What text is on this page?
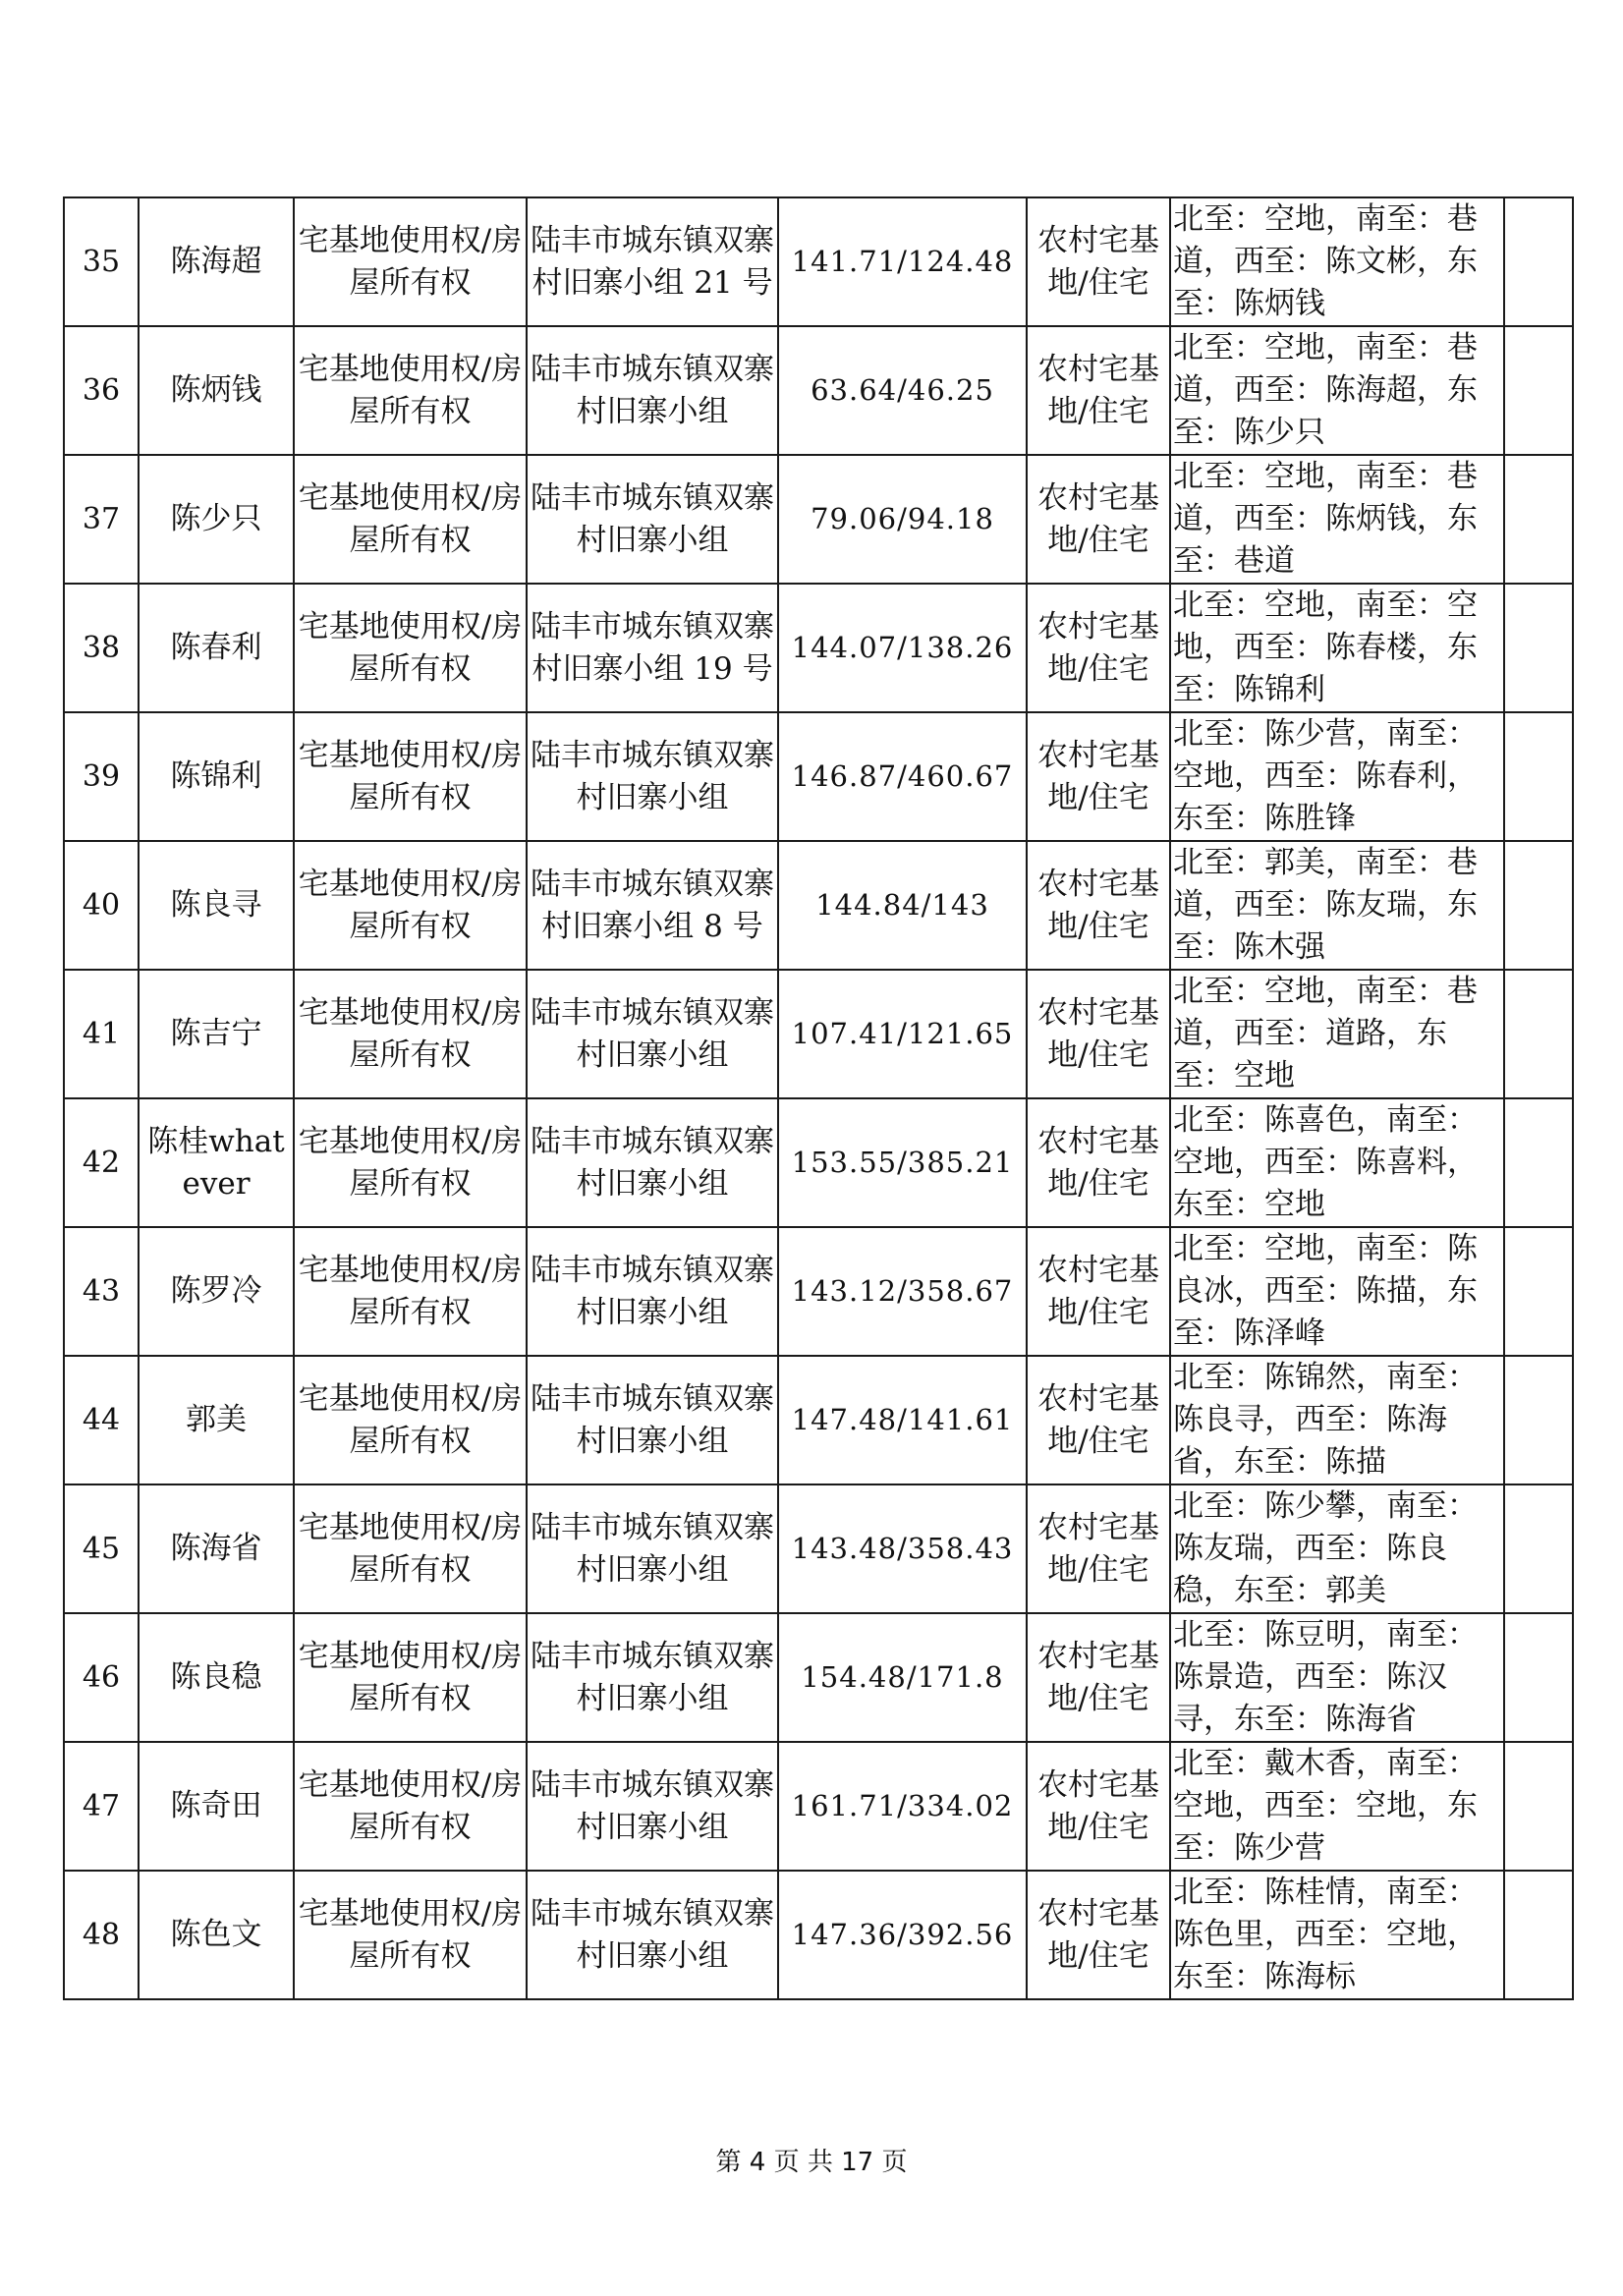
35	陈海超	宅基地使用权/房屋所有权	陆丰市城东镇双寨村旧寨小组 21 号	141.71/124.48	农村宅基地/住宅	北至：空地，南至：巷道，西至：陈文彬，东至：陈炳钱	
36	陈炳钱	宅基地使用权/房屋所有权	陆丰市城东镇双寨村旧寨小组	63.64/46.25	农村宅基地/住宅	北至：空地，南至：巷道，西至：陈海超，东至：陈少只	
37	陈少只	宅基地使用权/房屋所有权	陆丰市城东镇双寨村旧寨小组	79.06/94.18	农村宅基地/住宅	北至：空地，南至：巷道，西至：陈炳钱，东至：巷道	
38	陈春利	宅基地使用权/房屋所有权	陆丰市城东镇双寨村旧寨小组 19 号	144.07/138.26	农村宅基地/住宅	北至：空地，南至：空地，西至：陈春楼，东至：陈锦利	
39	陈锦利	宅基地使用权/房屋所有权	陆丰市城东镇双寨村旧寨小组	146.87/460.67	农村宅基地/住宅	北至：陈少营，南至：空地，西至：陈春利，东至：陈胜锋	
40	陈良寻	宅基地使用权/房屋所有权	陆丰市城东镇双寨村旧寨小组 8 号	144.84/143	农村宅基地/住宅	北至：郭美，南至：巷道，西至：陈友瑞，东至：陈木强	
41	陈吉宁	宅基地使用权/房屋所有权	陆丰市城东镇双寨村旧寨小组	107.41/121.65	农村宅基地/住宅	北至：空地，南至：巷道，西至：道路，东至：空地	
42	陈桂whatever	宅基地使用权/房屋所有权	陆丰市城东镇双寨村旧寨小组	153.55/385.21	农村宅基地/住宅	北至：陈喜色，南至：空地，西至：陈喜料，东至：空地	
43	陈罗冷	宅基地使用权/房屋所有权	陆丰市城东镇双寨村旧寨小组	143.12/358.67	农村宅基地/住宅	北至：空地，南至：陈良冰，西至：陈描，东至：陈泽峰	
44	郭美	宅基地使用权/房屋所有权	陆丰市城东镇双寨村旧寨小组	147.48/141.61	农村宅基地/住宅	北至：陈锦然，南至：陈良寻，西至：陈海省，东至：陈描	
45	陈海省	宅基地使用权/房屋所有权	陆丰市城东镇双寨村旧寨小组	143.48/358.43	农村宅基地/住宅	北至：陈少攀，南至：陈友瑞，西至：陈良稳，东至：郭美	
46	陈良稳	宅基地使用权/房屋所有权	陆丰市城东镇双寨村旧寨小组	154.48/171.8	农村宅基地/住宅	北至：陈豆明，南至：陈景造，西至：陈汉寻，东至：陈海省	
47	陈奇田	宅基地使用权/房屋所有权	陆丰市城东镇双寨村旧寨小组	161.71/334.02	农村宅基地/住宅	北至：戴木香，南至：空地，西至：空地，东至：陈少营	
48	陈色文	宅基地使用权/房屋所有权	陆丰市城东镇双寨村旧寨小组	147.36/392.56	农村宅基地/住宅	北至：陈桂情，南至：陈色里，西至：空地，东至：陈海标	
第 4 页 共 17 页
